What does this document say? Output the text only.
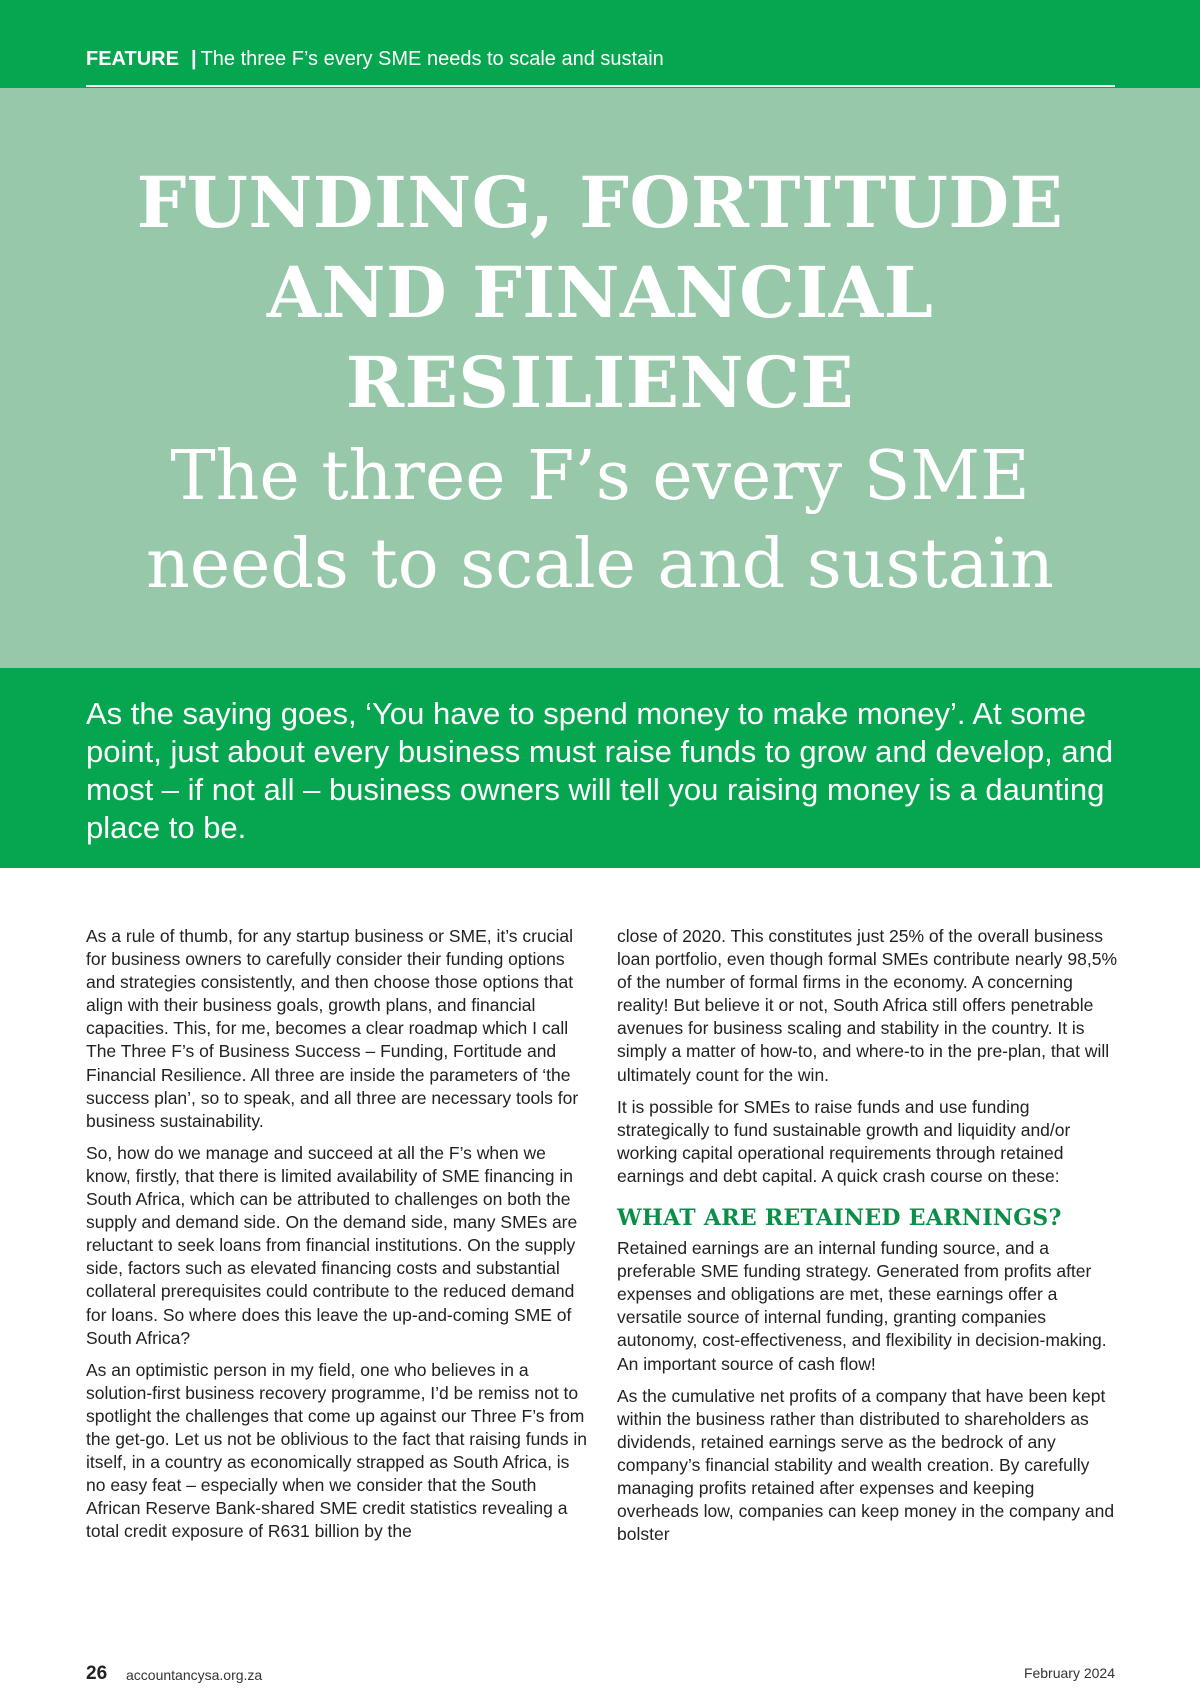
FEATURE | The three F’s every SME needs to scale and sustain
FUNDING, FORTITUDE
AND FINANCIAL
RESILIENCE
The three F’s every SME
needs to scale and sustain

As the saying goes, ‘You have to spend money to make money’. At some point, just about every business must raise funds to grow and develop, and most – if not all – business owners will tell you raising money is a daunting place to be.

As a rule of thumb, for any startup business or SME, it’s crucial for business owners to carefully consider their funding options and strategies consistently, and then choose those options that align with their business goals, growth plans, and financial capacities. This, for me, becomes a clear roadmap which I call The Three F’s of Business Success – Funding, Fortitude and Financial Resilience. All three are inside the parameters of ‘the success plan’, so to speak, and all three are necessary tools for business sustainability.

So, how do we manage and succeed at all the F’s when we know, firstly, that there is limited availability of SME financing in South Africa, which can be attributed to challenges on both the supply and demand side. On the demand side, many SMEs are reluctant to seek loans from financial institutions. On the supply side, factors such as elevated financing costs and substantial collateral prerequisites could contribute to the reduced demand for loans. So where does this leave the up-and-coming SME of South Africa?

As an optimistic person in my field, one who believes in a solution-first business recovery programme, I’d be remiss not to spotlight the challenges that come up against our Three F’s from the get-go. Let us not be oblivious to the fact that raising funds in itself, in a country as economically strapped as South Africa, is no easy feat – especially when we consider that the South African Reserve Bank-shared SME credit statistics revealing a total credit exposure of R631 billion by the

close of 2020. This constitutes just 25% of the overall business loan portfolio, even though formal SMEs contribute nearly 98,5% of the number of formal firms in the economy. A concerning reality! But believe it or not, South Africa still offers penetrable avenues for business scaling and stability in the country. It is simply a matter of how-to, and where-to in the pre-plan, that will ultimately count for the win.

It is possible for SMEs to raise funds and use funding strategically to fund sustainable growth and liquidity and/or working capital operational requirements through retained earnings and debt capital. A quick crash course on these:

WHAT ARE RETAINED EARNINGS?

Retained earnings are an internal funding source, and a preferable SME funding strategy. Generated from profits after expenses and obligations are met, these earnings offer a versatile source of internal funding, granting companies autonomy, cost-effectiveness, and flexibility in decision-making. An important source of cash flow!

As the cumulative net profits of a company that have been kept within the business rather than distributed to shareholders as dividends, retained earnings serve as the bedrock of any company’s financial stability and wealth creation. By carefully managing profits retained after expenses and keeping overheads low, companies can keep money in the company and bolster

26 accountancysa.org.za	February 2024
